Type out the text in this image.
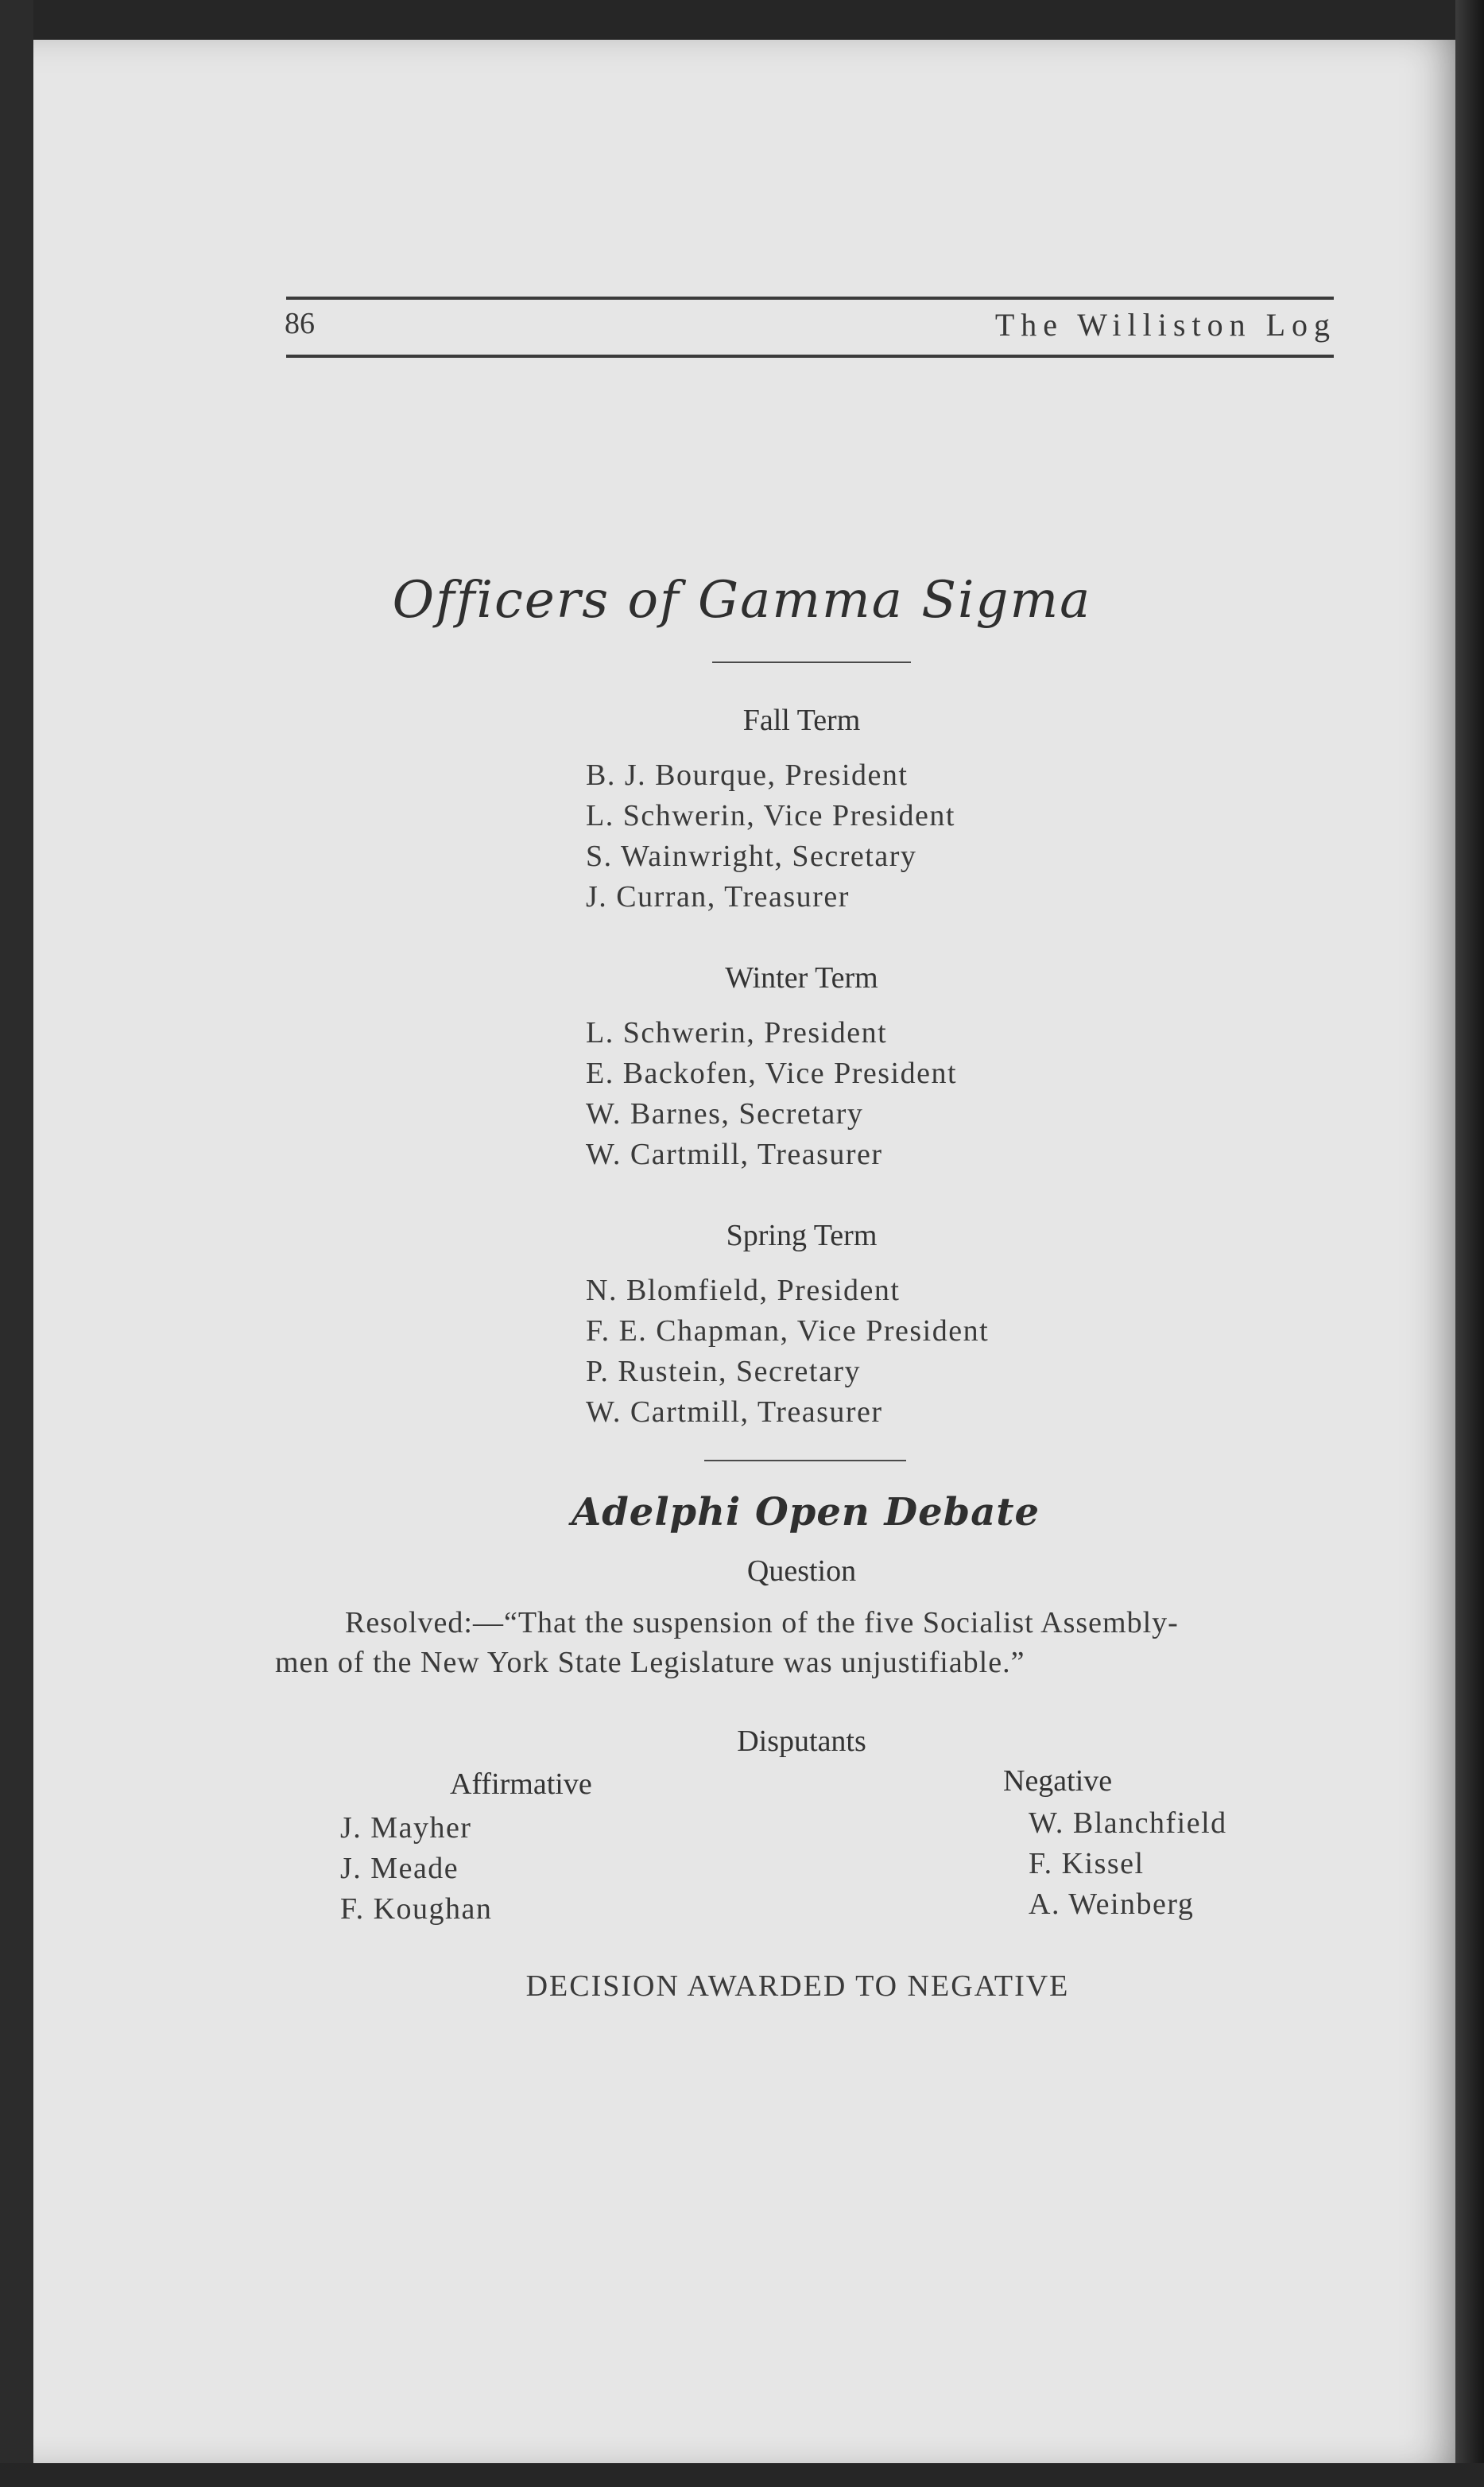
86	The Williston Log
Officers of Gamma Sigma
Fall Term
B. J. Bourque, President
L. Schwerin, Vice President
S. Wainwright, Secretary
J. Curran, Treasurer
Winter Term
L. Schwerin, President
E. Backofen, Vice President
W. Barnes, Secretary
W. Cartmill, Treasurer
Spring Term
N. Blomfield, President
F. E. Chapman, Vice President
P. Rustein, Secretary
W. Cartmill, Treasurer
Adelphi Open Debate
Question
Resolved:—“That the suspension of the five Socialist Assembly-
men of the New York State Legislature was unjustifiable.”
Disputants
Affirmative
J. Mayher
J. Meade
F. Koughan
Negative
W. Blanchfield
F. Kissel
A. Weinberg
DECISION AWARDED TO NEGATIVE
